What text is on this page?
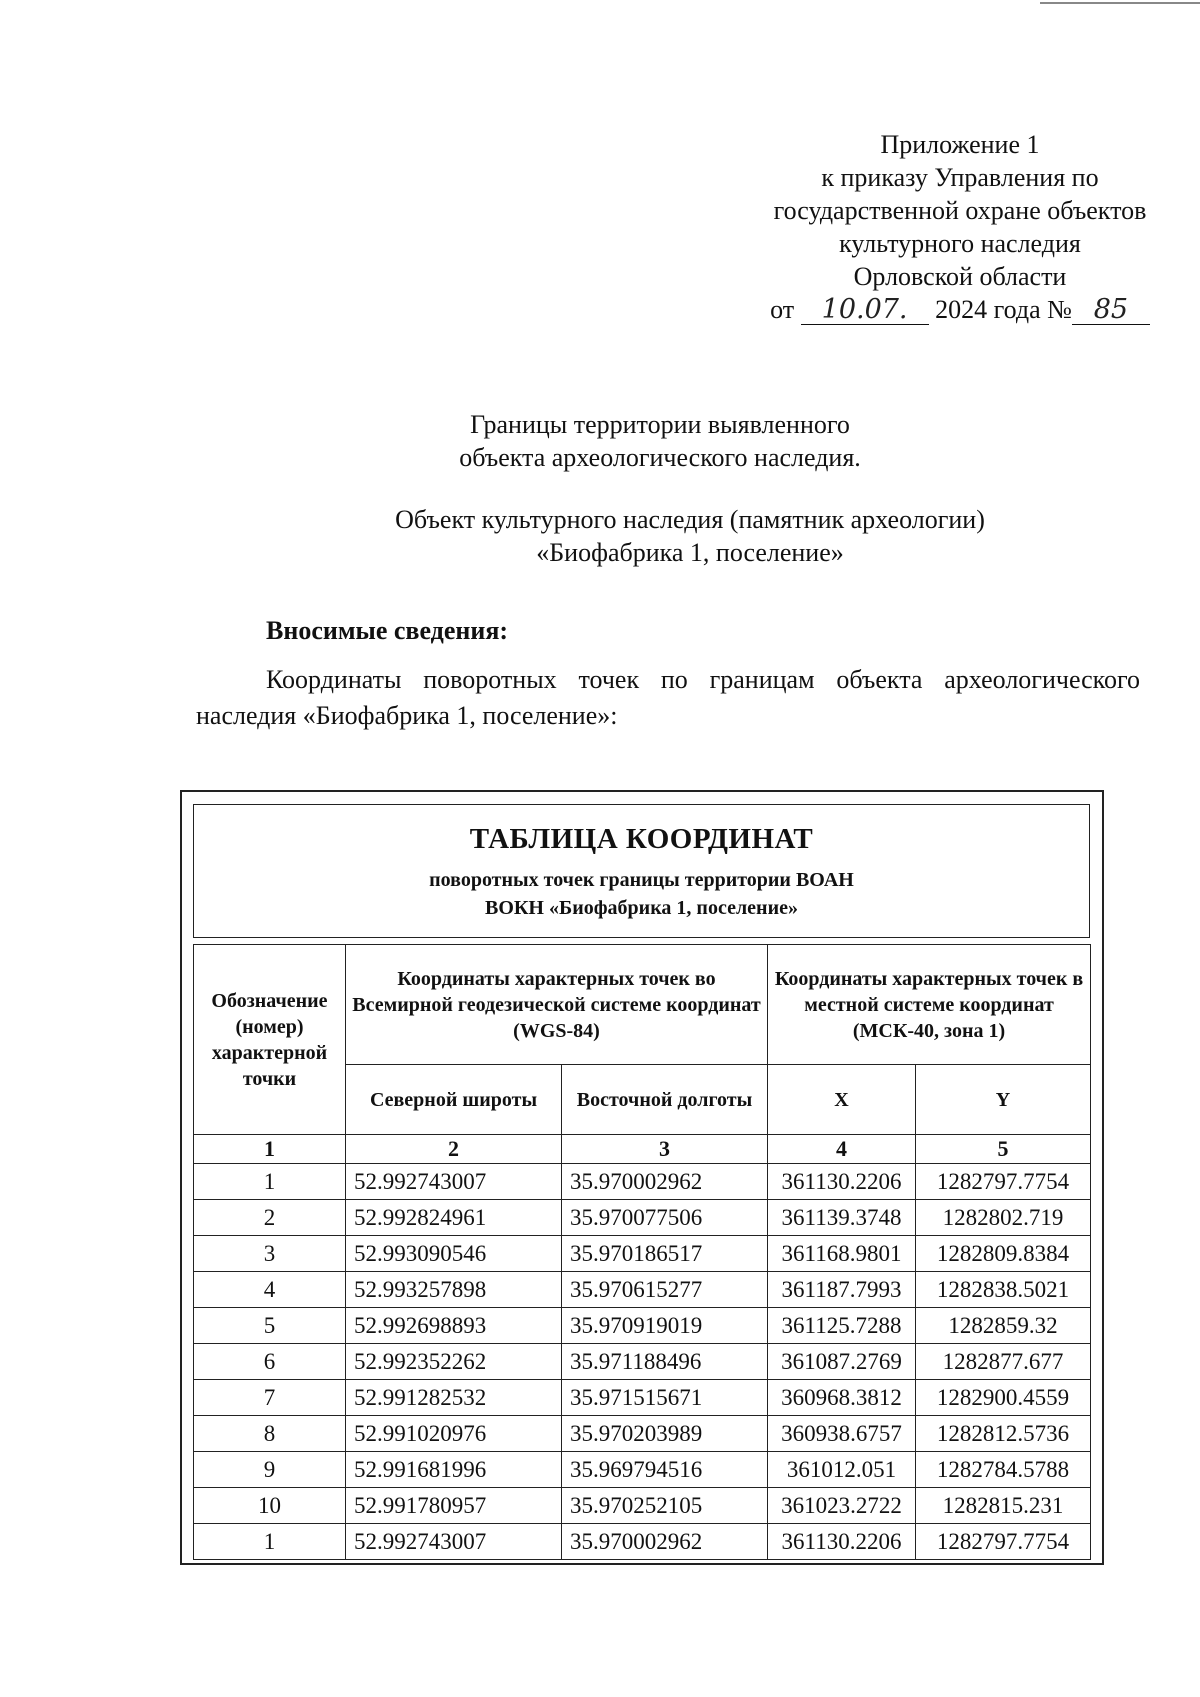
Приложение 1
к приказу Управления по
государственной охране объектов
культурного наследия
Орловской области
от 10.07. 2024 года № 85
Границы территории выявленного
объекта археологического наследия.
Объект культурного наследия (памятник археологии)
«Биофабрика 1, поселение»
Вносимые сведения:
Координаты поворотных точек по границам объекта археологического наследия «Биофабрика 1, поселение»:
ТАБЛИЦА КООРДИНАТ
поворотных точек границы территории ВОАН
ВОКН «Биофабрика 1, поселение»
Обозначение (номер) характерной точки	Координаты характерных точек во Всемирной геодезической системе координат (WGS-84)		Координаты характерных точек в местной системе координат (МСК-40, зона 1)	
	Северной широты	Восточной долготы	X	Y
1	2	3	4	5
1	52.992743007	35.970002962	361130.2206	1282797.7754
2	52.992824961	35.970077506	361139.3748	1282802.719
3	52.993090546	35.970186517	361168.9801	1282809.8384
4	52.993257898	35.970615277	361187.7993	1282838.5021
5	52.992698893	35.970919019	361125.7288	1282859.32
6	52.992352262	35.971188496	361087.2769	1282877.677
7	52.991282532	35.971515671	360968.3812	1282900.4559
8	52.991020976	35.970203989	360938.6757	1282812.5736
9	52.991681996	35.969794516	361012.051	1282784.5788
10	52.991780957	35.970252105	361023.2722	1282815.231
1	52.992743007	35.970002962	361130.2206	1282797.7754
